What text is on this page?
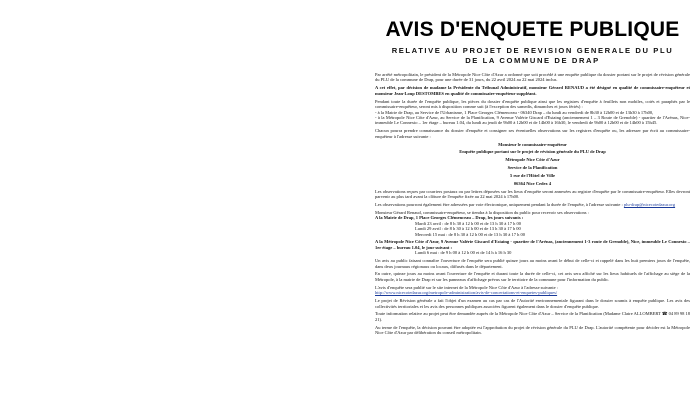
AVIS D'ENQUETE PUBLIQUE
RELATIVE AU PROJET DE REVISION GENERALE DU PLU
DE LA COMMUNE DE DRAP

Par arrêté métropolitain, le président de la Métropole Nice Côte d'Azur a ordonné que soit procédé à une enquête publique du dossier portant sur le projet de révision générale du PLU de la commune de Drap, pour une durée de 31 jours, du 22 avril 2024 au 22 mai 2024 inclus.

A cet effet, par décision de madame la Présidente du Tribunal Administratif, monsieur Gérard RENAUD a été désigné en qualité de commissaire-enquêteur et monsieur Jean-Loup DESTOMBES en qualité de commissaire-enquêteur suppléant.

Pendant toute la durée de l'enquête publique, les pièces du dossier d'enquête publique ainsi que les registres d'enquête à feuillets non mobiles, cotés et paraphés par le commissaire-enquêteur, seront mis à disposition comme suit (à l'exception des samedis, dimanches et jours fériés) :
- à la Mairie de Drap, au Service de l'Urbanisme, 1 Place Georges Clémenceau - 06340 Drap – du lundi au vendredi de 8h30 à 12h00 et de 13h30 à 17h00,
- à la Métropole Nice Côte d'Azur, au Service de la Planification, 9 Avenue Valérie Giscard d'Estaing (anciennement 1 – 3 Route de Grenoble) - quartier de l'Arénas, Nice- immeuble Le Connexio – 1er étage – bureau 1.04, du lundi au jeudi de 9h00 à 12h00 et de 14h00 à 16h30, le vendredi de 9h00 à 12h00 et de 14h00 à 15h45.

Chacun pourra prendre connaissance du dossier d'enquête et consigner ses éventuelles observations sur les registres d'enquête ou, les adresser par écrit au commissaire-enquêteur à l'adresse suivante :

Monsieur le commissaire-enquêteur

Enquête publique portant sur le projet de révision générale du PLU de Drap

Métropole Nice Côte d'Azur

Service de la Planification

5 rue de l'Hôtel de Ville

06364 Nice Cedex 4

Les observations reçues par courriers postaux ou par lettres déposées sur les lieux d'enquête seront annexées au registre d'enquête par le commissaire-enquêteur. Elles devront parvenir au plus tard avant la clôture de l'enquête fixée au 22 mai 2024 à 17h00.

Les observations pourront également être adressées par voie électronique, uniquement pendant la durée de l'enquête, à l'adresse suivante : plu-drap@nicecotedazur.org

Monsieur Gérard Renaud, commissaire-enquêteur, se tiendra à la disposition du public pour recevoir ses observations :
A la Mairie de Drap, 1 Place Georges Clémenceau – Drap, les jours suivants :
Mardi 23 avril : de 8 h 30 à 12 h 00 et de 13 h 30 à 17 h 00
Lundi 29 avril : de 8 h 30 à 12 h 00 et de 13 h 30 à 17 h 00
Mercredi 15 mai : de 8 h 30 à 12 h 00 et de 13 h 30 à 17 h 00

A la Métropole Nice Côte d'Azur, 9 Avenue Valérie Giscard d'Estaing - quartier de l'Arénas, (anciennement 1-3 route de Grenoble), Nice, immeuble Le Connexio – 1er étage – bureau 1.04, le jour suivant :
Lundi 6 mai : de 9 h 00 à 12 h 00 et de 14 h à 16 h 30

Un avis au public faisant connaître l'ouverture de l'enquête sera publié quinze jours au moins avant le début de celle-ci et rappelé dans les huit premiers jours de l'enquête, dans deux journaux régionaux ou locaux, diffusés dans le département.

En outre, quinze jours au moins avant l'ouverture de l'enquête et durant toute la durée de celle-ci, cet avis sera affiché sur les lieux habituels de l'affichage au siège de la Métropole, à la mairie de Drap et sur les panneaux d'affichage prévus sur le territoire de la commune pour l'information du public.

L'avis d'enquête sera publié sur le site internet de la Métropole Nice Côte d'Azur à l'adresse suivante :
http://www.nicecotedazur.org/metropole-administration/avis-de-concertations-et-enquetes-publiques/

Le projet de Révision générale a fait l'objet d'un examen au cas par cas de l'Autorité environnementale figurant dans le dossier soumis à enquête publique. Les avis des collectivités territoriales et les avis des personnes publiques associées figurent également dans le dossier d'enquête publique.

Toute information relative au projet peut être demandée auprès de la Métropole Nice Côte d'Azur – Service de la Planification (Madame Claire ALLOMBERT ☎ 04 89 98 18 21).

Au terme de l'enquête, la décision pouvant être adoptée est l'approbation du projet de révision générale du PLU de Drap. L'autorité compétente pour décider est la Métropole Nice Côte d'Azur par délibération du conseil métropolitain.
